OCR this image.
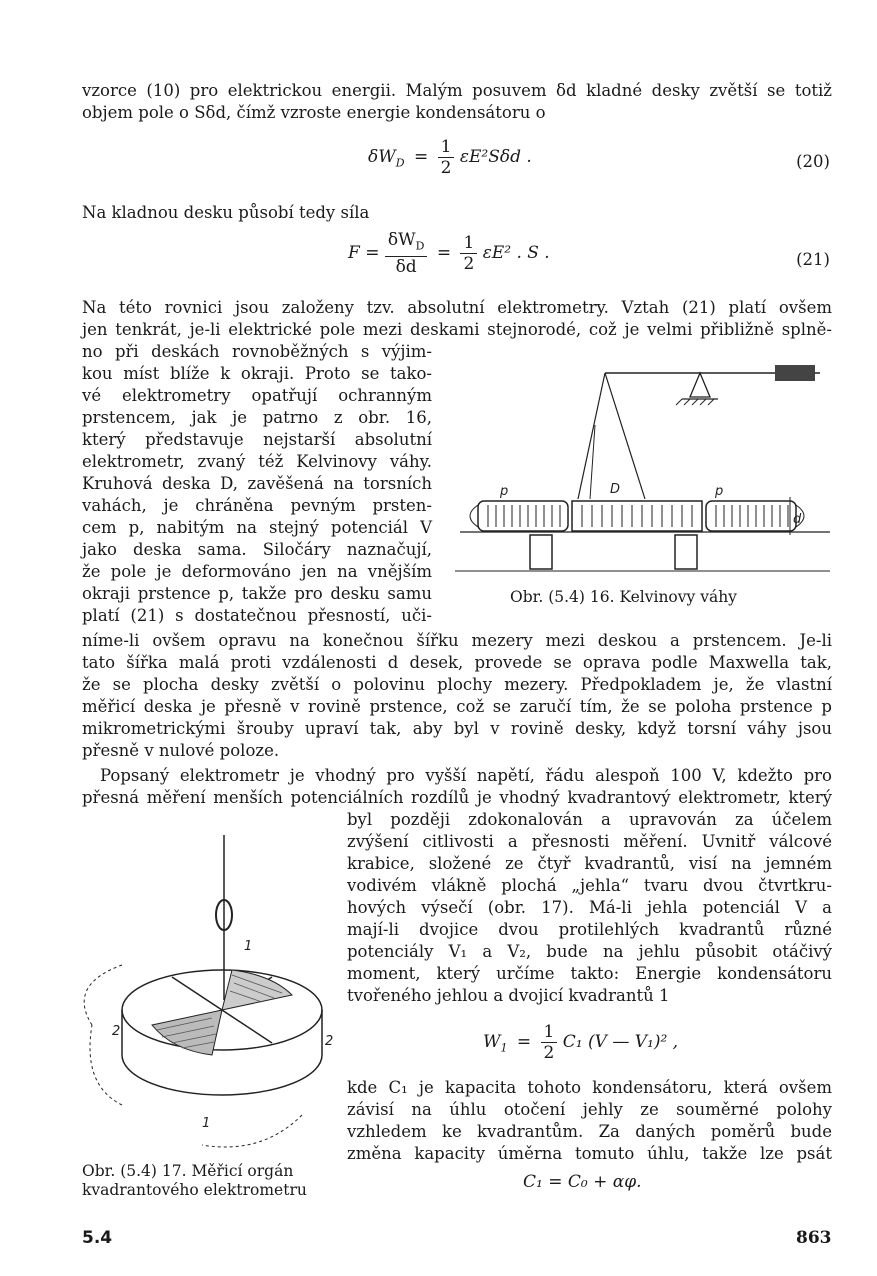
vzorce (10) pro elektrickou energii. Malým posuvem δd kladné desky zvětší se totiž
objem pole o Sδd, čímž vzroste energie kondensátoru o
$\delta W_D = \frac{1}{2} \varepsilon E^2S\delta d$ .	(20)
Na kladnou desku působí tedy síla
$F = \frac{\delta W_D}{\delta d} = \frac{1}{2} \varepsilon E^2$ . S .	(21)
Na této rovnici jsou založeny tzv. absolutní elektrometry. Vztah (21) platí ovšem
jen tenkrát, je-li elektrické pole mezi deskami stejnorodé, což je velmi přibližně splně-
no při deskách rovnoběžných s výjim-
kou míst blíže k okraji. Proto se tako-
vé elektrometry opatřují ochranným
prstencem, jak je patrno z obr. 16,
který představuje nejstarší absolutní
elektrometr, zvaný též Kelvinovy váhy.
Kruhová deska D, zavěšená na torsních
vahách, je chráněna pevným prsten-
cem p, nabitým na stejný potenciál V
jako deska sama. Siločáry naznačují,
že pole je deformováno jen na vnějším
okraji prstence p, takže pro desku samu
platí (21) s dostatečnou přesností, uči-
p	D	p
d
Obr. (5.4) 16. Kelvinovy váhy
níme-li ovšem opravu na konečnou šířku mezery mezi deskou a prstencem. Je-li
tato šířka malá proti vzdálenosti d desek, provede se oprava podle Maxwella tak,
že se plocha desky zvětší o polovinu plochy mezery. Předpokladem je, že vlastní
měřicí deska je přesně v rovině prstence, což se zaručí tím, že se poloha prstence p
mikrometrickými šrouby upraví tak, aby byl v rovině desky, když torsní váhy jsou
přesně v nulové poloze.
Popsaný elektrometr je vhodný pro vyšší napětí, řádu alespoň 100 V, kdežto pro
přesná měření menších potenciálních rozdílů je vhodný kvadrantový elektrometr, který
byl později zdokonalován a upravován za účelem
zvýšení citlivosti a přesnosti měření. Uvnitř válcové
krabice, složené ze čtyř kvadrantů, visí na jemném
vodivém vlákně plochá „jehla“ tvaru dvou čtvrtkru-
hových výsečí (obr. 17). Má-li jehla potenciál V a
mají-li dvojice dvou protilehlých kvadrantů různé
potenciály V₁ a V₂, bude na jehlu působit otáčivý
moment, který určíme takto: Energie kondensátoru
tvořeného jehlou a dvojicí kvadrantů 1
$W_1 = \frac{1}{2} C_1$ (V — V₁)² ,
kde C₁ je kapacita tohoto kondensátoru, která ovšem
závisí na úhlu otočení jehly ze souměrné polohy
vzhledem ke kvadrantům. Za daných poměrů bude
změna kapacity úměrna tomuto úhlu, takže lze psát
C₁ = C₀ + αφ.
1
2
2
1
Obr. (5.4) 17. Měřicí orgán
kvadrantového elektrometru
5.4	863
